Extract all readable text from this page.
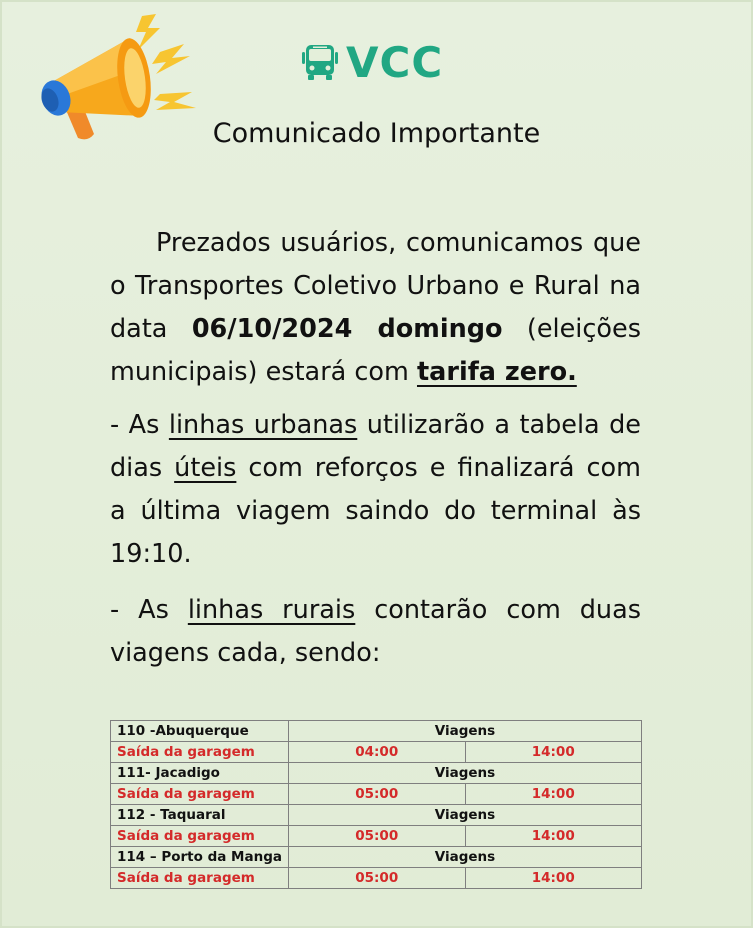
VCC
Comunicado Importante

Prezados usuários, comunicamos que o Transportes Coletivo Urbano e Rural na data 06/10/2024 domingo (eleições municipais) estará com tarifa zero.

- As linhas urbanas utilizarão a tabela de dias úteis com reforços e finalizará com a última viagem saindo do terminal às 19:10.

- As linhas rurais contarão com duas viagens cada, sendo:

110 -Abuquerque	Viagens	
Saída da garagem	04:00	14:00
111- Jacadigo	Viagens	
Saída da garagem	05:00	14:00
112 - Taquaral	Viagens	
Saída da garagem	05:00	14:00
114 – Porto da Manga	Viagens	
Saída da garagem	05:00	14:00
